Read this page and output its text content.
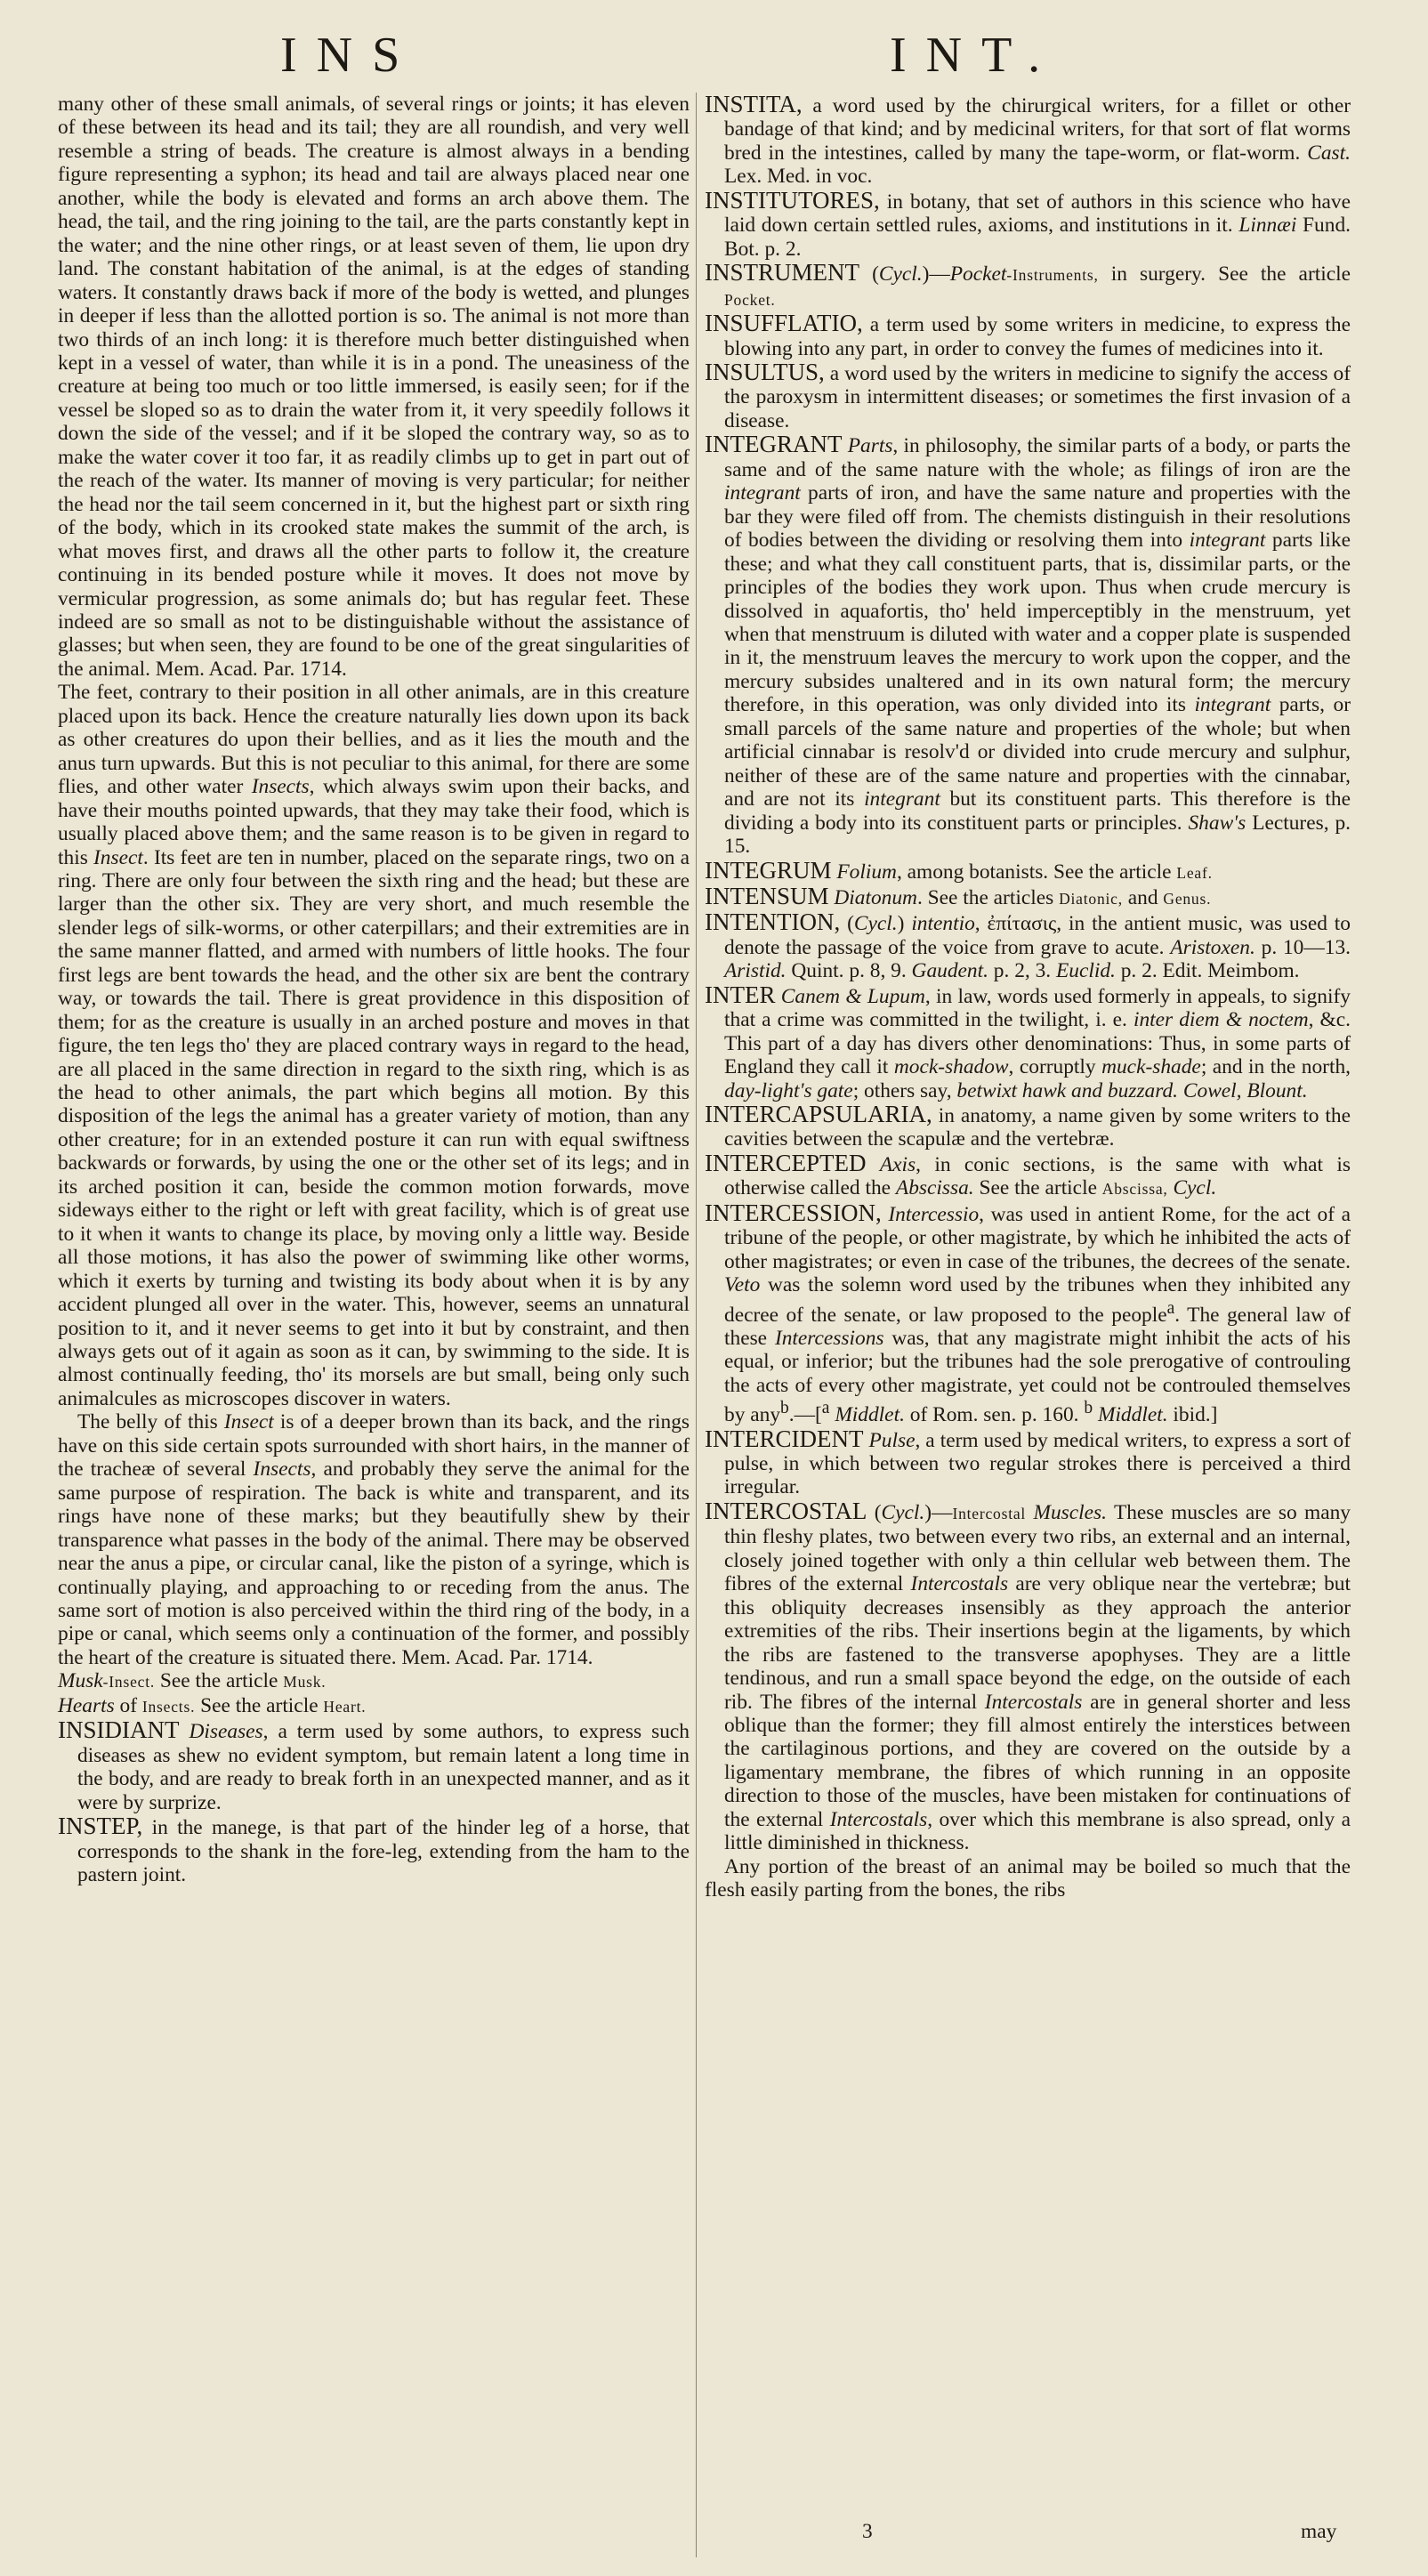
INS	INT.

many other of these small animals, of several rings or joints; it has eleven of these between its head and its tail; they are all roundish, and very well resemble a string of beads. The creature is almost always in a bending figure representing a syphon; its head and tail are always placed near one another, while the body is elevated and forms an arch above them. The head, the tail, and the ring joining to the tail, are the parts constantly kept in the water; and the nine other rings, or at least seven of them, lie upon dry land. The constant habitation of the animal, is at the edges of standing waters. It constantly draws back if more of the body is wetted, and plunges in deeper if less than the allotted portion is so. The animal is not more than two thirds of an inch long: it is therefore much better distinguished when kept in a vessel of water, than while it is in a pond. The uneasiness of the creature at being too much or too little immersed, is easily seen; for if the vessel be sloped so as to drain the water from it, it very speedily follows it down the side of the vessel; and if it be sloped the contrary way, so as to make the water cover it too far, it as readily climbs up to get in part out of the reach of the water. Its manner of moving is very particular; for neither the head nor the tail seem concerned in it, but the highest part or sixth ring of the body, which in its crooked state makes the summit of the arch, is what moves first, and draws all the other parts to follow it, the creature continuing in its bended posture while it moves. It does not move by vermicular progression, as some animals do; but has regular feet. These indeed are so small as not to be distinguishable without the assistance of glasses; but when seen, they are found to be one of the great singularities of the animal. Mem. Acad. Par. 1714.

The feet, contrary to their position in all other animals, are in this creature placed upon its back. Hence the creature naturally lies down upon its back as other creatures do upon their bellies, and as it lies the mouth and the anus turn upwards. But this is not peculiar to this animal, for there are some flies, and other water Insects, which always swim upon their backs, and have their mouths pointed upwards, that they may take their food, which is usually placed above them; and the same reason is to be given in regard to this Insect. Its feet are ten in number, placed on the separate rings, two on a ring. There are only four between the sixth ring and the head; but these are larger than the other six. They are very short, and much resemble the slender legs of silk-worms, or other caterpillars; and their extremities are in the same manner flatted, and armed with numbers of little hooks. The four first legs are bent towards the head, and the other six are bent the contrary way, or towards the tail. There is great providence in this disposition of them; for as the creature is usually in an arched posture and moves in that figure, the ten legs tho' they are placed contrary ways in regard to the head, are all placed in the same direction in regard to the sixth ring, which is as the head to other animals, the part which begins all motion. By this disposition of the legs the animal has a greater variety of motion, than any other creature; for in an extended posture it can run with equal swiftness backwards or forwards, by using the one or the other set of its legs; and in its arched position it can, beside the common motion forwards, move sideways either to the right or left with great facility, which is of great use to it when it wants to change its place, by moving only a little way. Beside all those motions, it has also the power of swimming like other worms, which it exerts by turning and twisting its body about when it is by any accident plunged all over in the water. This, however, seems an unnatural position to it, and it never seems to get into it but by constraint, and then always gets out of it again as soon as it can, by swimming to the side. It is almost continually feeding, tho' its morsels are but small, being only such animalcules as microscopes discover in waters.

The belly of this Insect is of a deeper brown than its back, and the rings have on this side certain spots surrounded with short hairs, in the manner of the tracheæ of several Insects, and probably they serve the animal for the same purpose of respiration. The back is white and transparent, and its rings have none of these marks; but they beautifully shew by their transparence what passes in the body of the animal. There may be observed near the anus a pipe, or circular canal, like the piston of a syringe, which is continually playing, and approaching to or receding from the anus. The same sort of motion is also perceived within the third ring of the body, in a pipe or canal, which seems only a continuation of the former, and possibly the heart of the creature is situated there. Mem. Acad. Par. 1714.

Musk-Insect. See the article Musk.

Hearts of Insects. See the article Heart.

INSIDIANT Diseases, a term used by some authors, to express such diseases as shew no evident symptom, but remain latent a long time in the body, and are ready to break forth in an unexpected manner, and as it were by surprize.

INSTEP, in the manege, is that part of the hinder leg of a horse, that corresponds to the shank in the fore-leg, extending from the ham to the pastern joint.

INSTITA, a word used by the chirurgical writers, for a fillet or other bandage of that kind; and by medicinal writers, for that sort of flat worms bred in the intestines, called by many the tape-worm, or flat-worm. Cast. Lex. Med. in voc.

INSTITUTORES, in botany, that set of authors in this science who have laid down certain settled rules, axioms, and institutions in it. Linnæi Fund. Bot. p. 2.

INSTRUMENT (Cycl.)—Pocket-Instruments, in surgery. See the article Pocket.

INSUFFLATIO, a term used by some writers in medicine, to express the blowing into any part, in order to convey the fumes of medicines into it.

INSULTUS, a word used by the writers in medicine to signify the access of the paroxysm in intermittent diseases; or sometimes the first invasion of a disease.

INTEGRANT Parts, in philosophy, the similar parts of a body, or parts the same and of the same nature with the whole; as filings of iron are the integrant parts of iron, and have the same nature and properties with the bar they were filed off from. The chemists distinguish in their resolutions of bodies between the dividing or resolving them into integrant parts like these; and what they call constituent parts, that is, dissimilar parts, or the principles of the bodies they work upon. Thus when crude mercury is dissolved in aquafortis, tho' held imperceptibly in the menstruum, yet when that menstruum is diluted with water and a copper plate is suspended in it, the menstruum leaves the mercury to work upon the copper, and the mercury subsides unaltered and in its own natural form; the mercury therefore, in this operation, was only divided into its integrant parts, or small parcels of the same nature and properties of the whole; but when artificial cinnabar is resolv'd or divided into crude mercury and sulphur, neither of these are of the same nature and properties with the cinnabar, and are not its integrant but its constituent parts. This therefore is the dividing a body into its constituent parts or principles. Shaw's Lectures, p. 15.

INTEGRUM Folium, among botanists. See the article Leaf.

INTENSUM Diatonum. See the articles Diatonic, and Genus.

INTENTION, (Cycl.) intentio, ἐπίτασις, in the antient music, was used to denote the passage of the voice from grave to acute. Aristoxen. p. 10—13. Aristid. Quint. p. 8, 9. Gaudent. p. 2, 3. Euclid. p. 2. Edit. Meimbom.

INTER Canem & Lupum, in law, words used formerly in appeals, to signify that a crime was committed in the twilight, i. e. inter diem & noctem, &c. This part of a day has divers other denominations: Thus, in some parts of England they call it mock-shadow, corruptly muck-shade; and in the north, day-light's gate; others say, betwixt hawk and buzzard. Cowel, Blount.

INTERCAPSULARIA, in anatomy, a name given by some writers to the cavities between the scapulæ and the vertebræ.

INTERCEPTED Axis, in conic sections, is the same with what is otherwise called the Abscissa. See the article Abscissa, Cycl.

INTERCESSION, Intercessio, was used in antient Rome, for the act of a tribune of the people, or other magistrate, by which he inhibited the acts of other magistrates; or even in case of the tribunes, the decrees of the senate. Veto was the solemn word used by the tribunes when they inhibited any decree of the senate, or law proposed to the people$^a$. The general law of these Intercessions was, that any magistrate might inhibit the acts of his equal, or inferior; but the tribunes had the sole prerogative of controuling the acts of every other magistrate, yet could not be controuled themselves by any$^b$.—[$^a$ Middlet. of Rom. sen. p. 160. $^b$ Middlet. ibid.]

INTERCIDENT Pulse, a term used by medical writers, to express a sort of pulse, in which between two regular strokes there is perceived a third irregular.

INTERCOSTAL (Cycl.)—Intercostal Muscles. These muscles are so many thin fleshy plates, two between every two ribs, an external and an internal, closely joined together with only a thin cellular web between them. The fibres of the external Intercostals are very oblique near the vertebræ; but this obliquity decreases insensibly as they approach the anterior extremities of the ribs. Their insertions begin at the ligaments, by which the ribs are fastened to the transverse apophyses. They are a little tendinous, and run a small space beyond the edge, on the outside of each rib. The fibres of the internal Intercostals are in general shorter and less oblique than the former; they fill almost entirely the interstices between the cartilaginous portions, and they are covered on the outside by a ligamentary membrane, the fibres of which running in an opposite direction to those of the muscles, have been mistaken for continuations of the external Intercostals, over which this membrane is also spread, only a little diminished in thickness.

Any portion of the breast of an animal may be boiled so much that the flesh easily parting from the bones, the ribs

3	may
